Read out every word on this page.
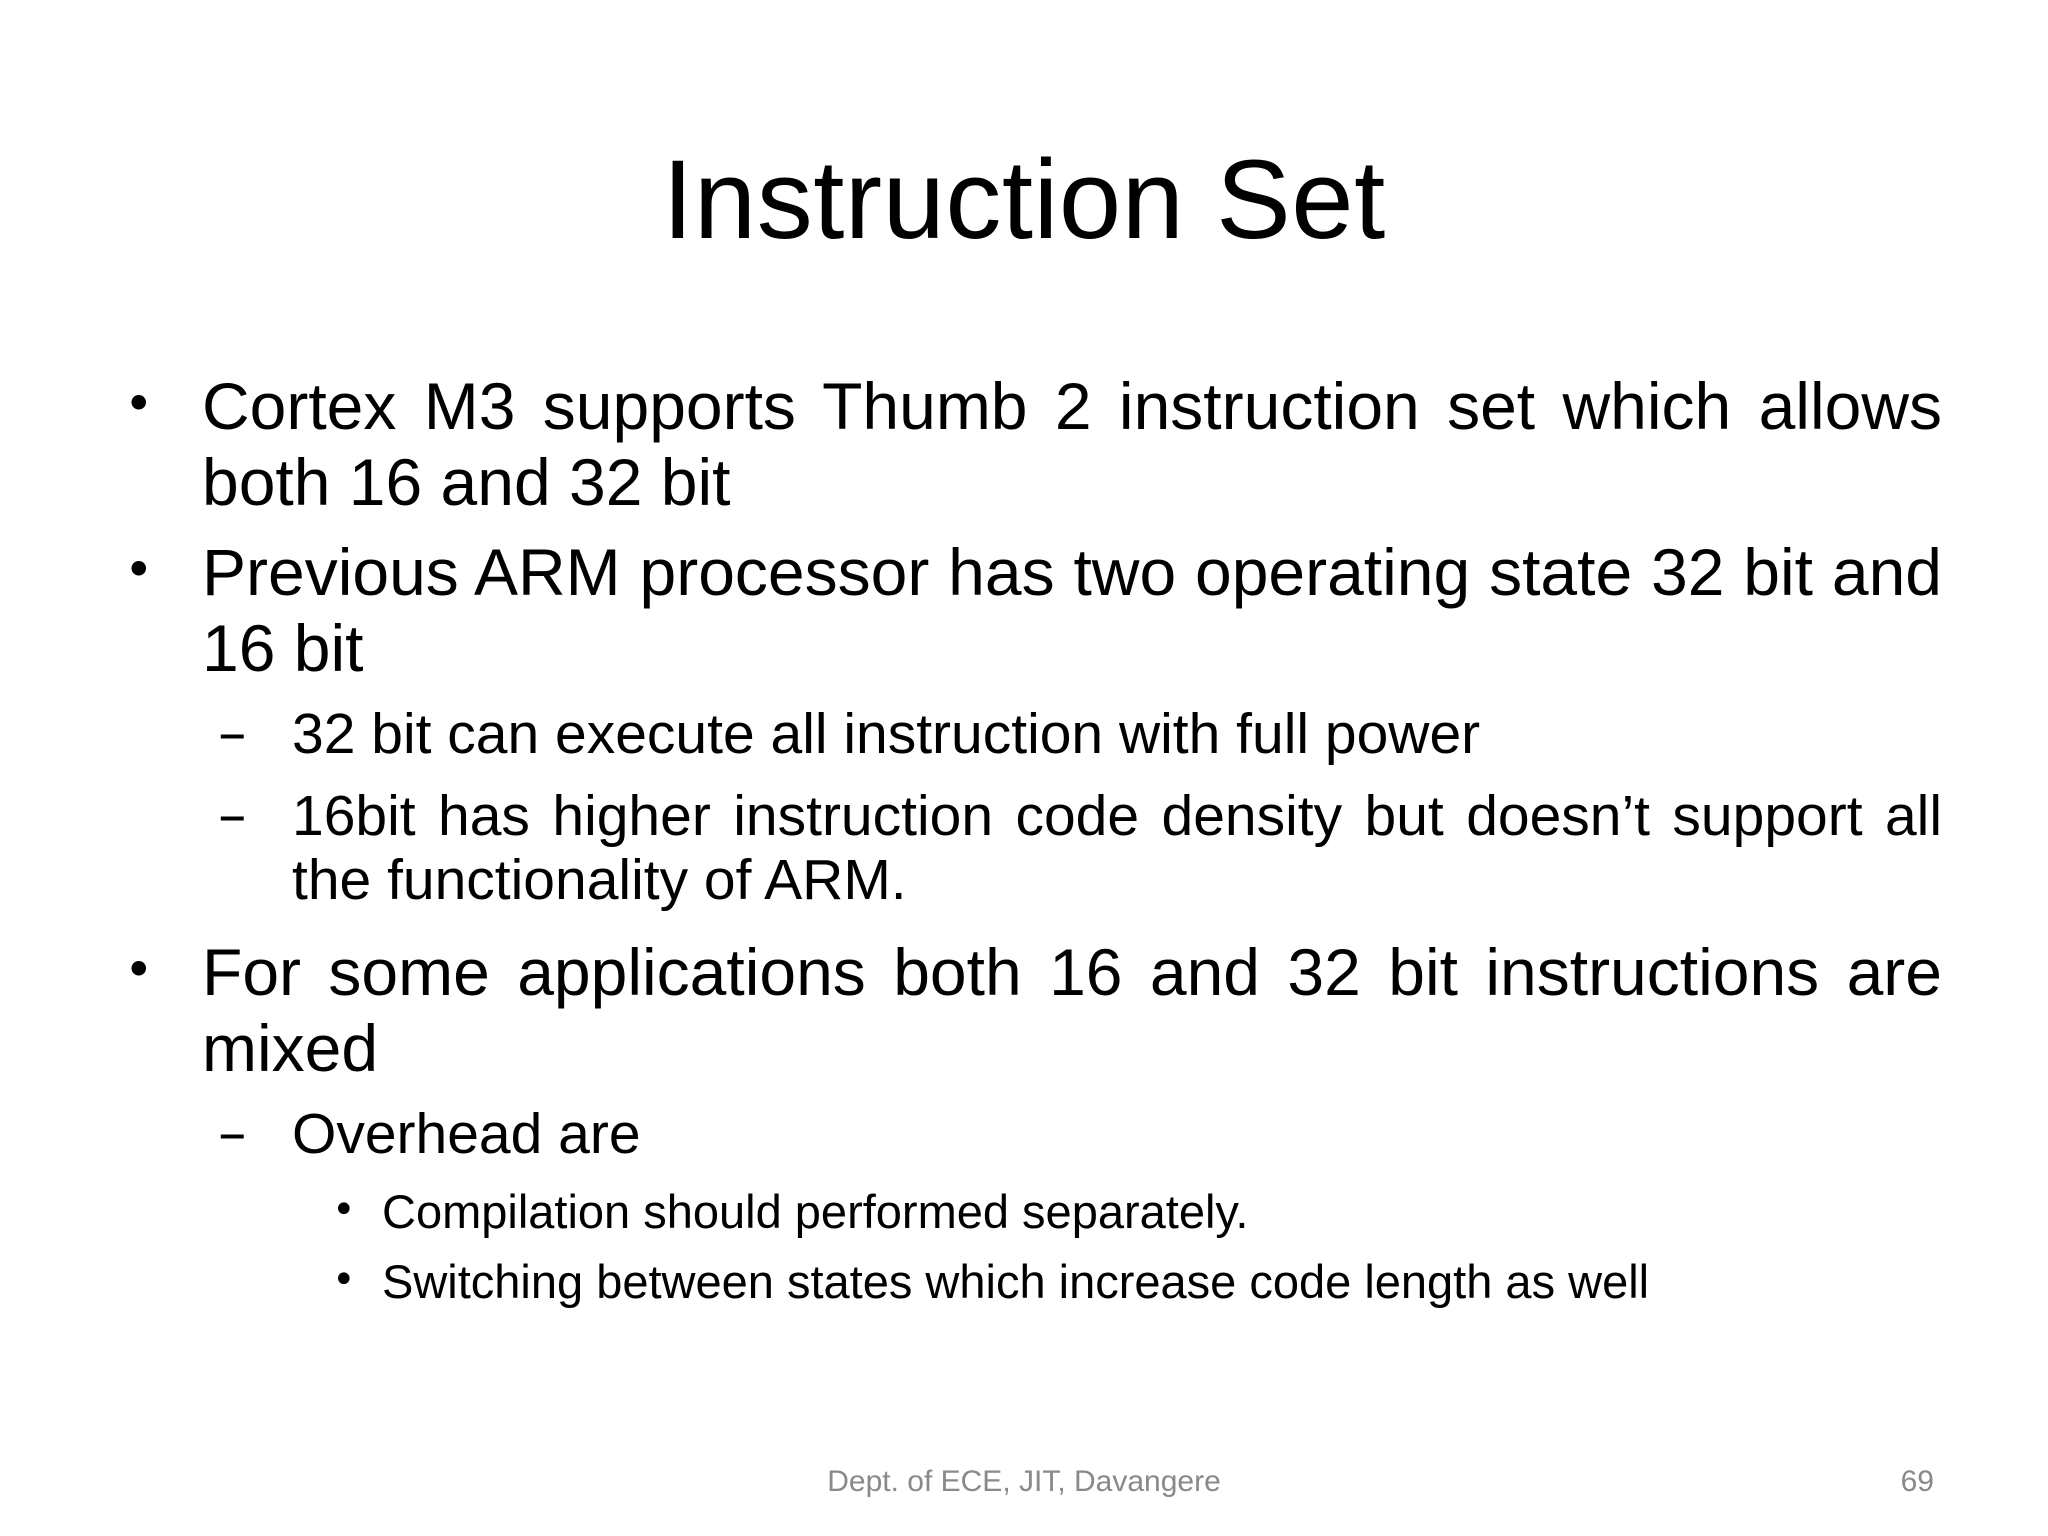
Instruction Set
• Cortex M3 supports Thumb 2 instruction set which allows both 16 and 32 bit
• Previous ARM processor has two operating state 32 bit and 16 bit
– 32 bit can execute all instruction with full power
– 16bit has higher instruction code density but doesn’t support all the functionality of ARM.
• For some applications both 16 and 32 bit instructions are mixed
– Overhead are
• Compilation should performed separately.
• Switching between states which increase code length as well
Dept. of ECE, JIT, Davangere	69
